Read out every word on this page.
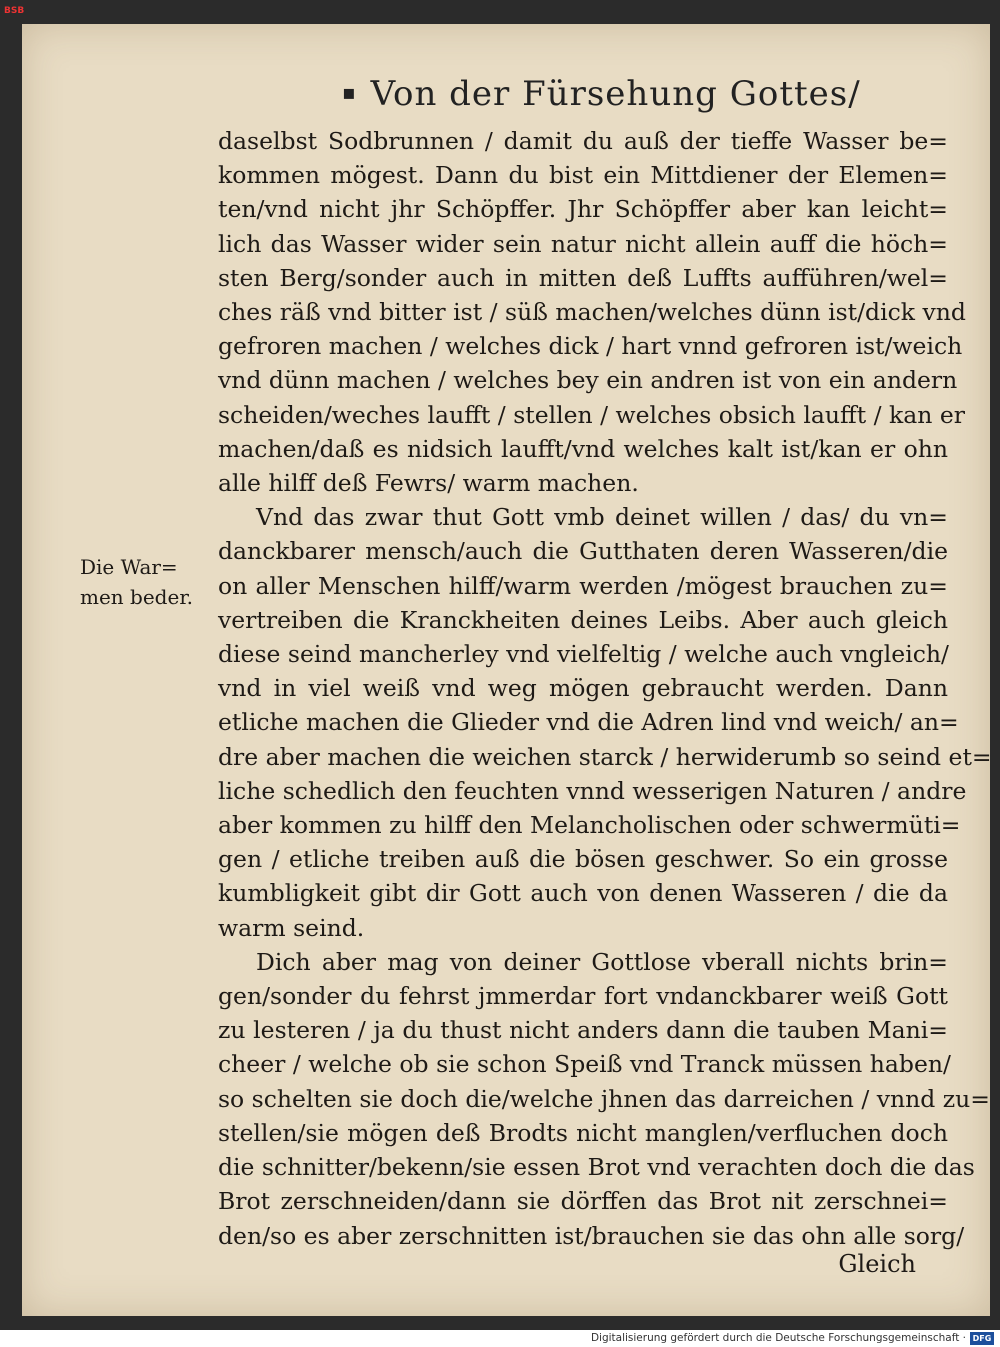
▪ Von der Fürsehung Gottes/
Die War=
men beder.
daselbst Sodbrunnen / damit du auß der tieffe Wasser be=
kommen mögest. Dann du bist ein Mittdiener der Elemen=
ten/vnd nicht jhr Schöpffer. Jhr Schöpffer aber kan leicht=
lich das Wasser wider sein natur nicht allein auff die höch=
sten Berg/sonder auch in mitten deß Luffts aufführen/wel=
ches räß vnd bitter ist / süß machen/welches dünn ist/dick vnd
gefroren machen / welches dick / hart vnnd gefroren ist/weich
vnd dünn machen / welches bey ein andren ist von ein andern
scheiden/weches laufft / stellen / welches obsich laufft / kan er
machen/daß es nidsich laufft/vnd welches kalt ist/kan er ohn
alle hilff deß Fewrs/ warm machen.
Vnd das zwar thut Gott vmb deinet willen / das/ du vn=
danckbarer mensch/auch die Gutthaten deren Wasseren/die
on aller Menschen hilff/warm werden /mögest brauchen zu=
vertreiben die Kranckheiten deines Leibs. Aber auch gleich
diese seind mancherley vnd vielfeltig / welche auch vngleich/
vnd in viel weiß vnd weg mögen gebraucht werden. Dann
etliche machen die Glieder vnd die Adren lind vnd weich/ an=
dre aber machen die weichen starck / herwiderumb so seind et=
liche schedlich den feuchten vnnd wesserigen Naturen / andre
aber kommen zu hilff den Melancholischen oder schwermüti=
gen / etliche treiben auß die bösen geschwer. So ein grosse
kumbligkeit gibt dir Gott auch von denen Wasseren / die da
warm seind.
Dich aber mag von deiner Gottlose vberall nichts brin=
gen/sonder du fehrst jmmerdar fort vndanckbarer weiß Gott
zu lesteren / ja du thust nicht anders dann die tauben Mani=
cheer / welche ob sie schon Speiß vnd Tranck müssen haben/
so schelten sie doch die/welche jhnen das darreichen / vnnd zu=
stellen/sie mögen deß Brodts nicht manglen/verfluchen doch
die schnitter/bekenn/sie essen Brot vnd verachten doch die das
Brot zerschneiden/dann sie dörffen das Brot nit zerschnei=
den/so es aber zerschnitten ist/brauchen sie das ohn alle sorg/
Gleich
BSB
Digitalisierung gefördert durch die Deutsche Forschungsgemeinschaft · DFG
